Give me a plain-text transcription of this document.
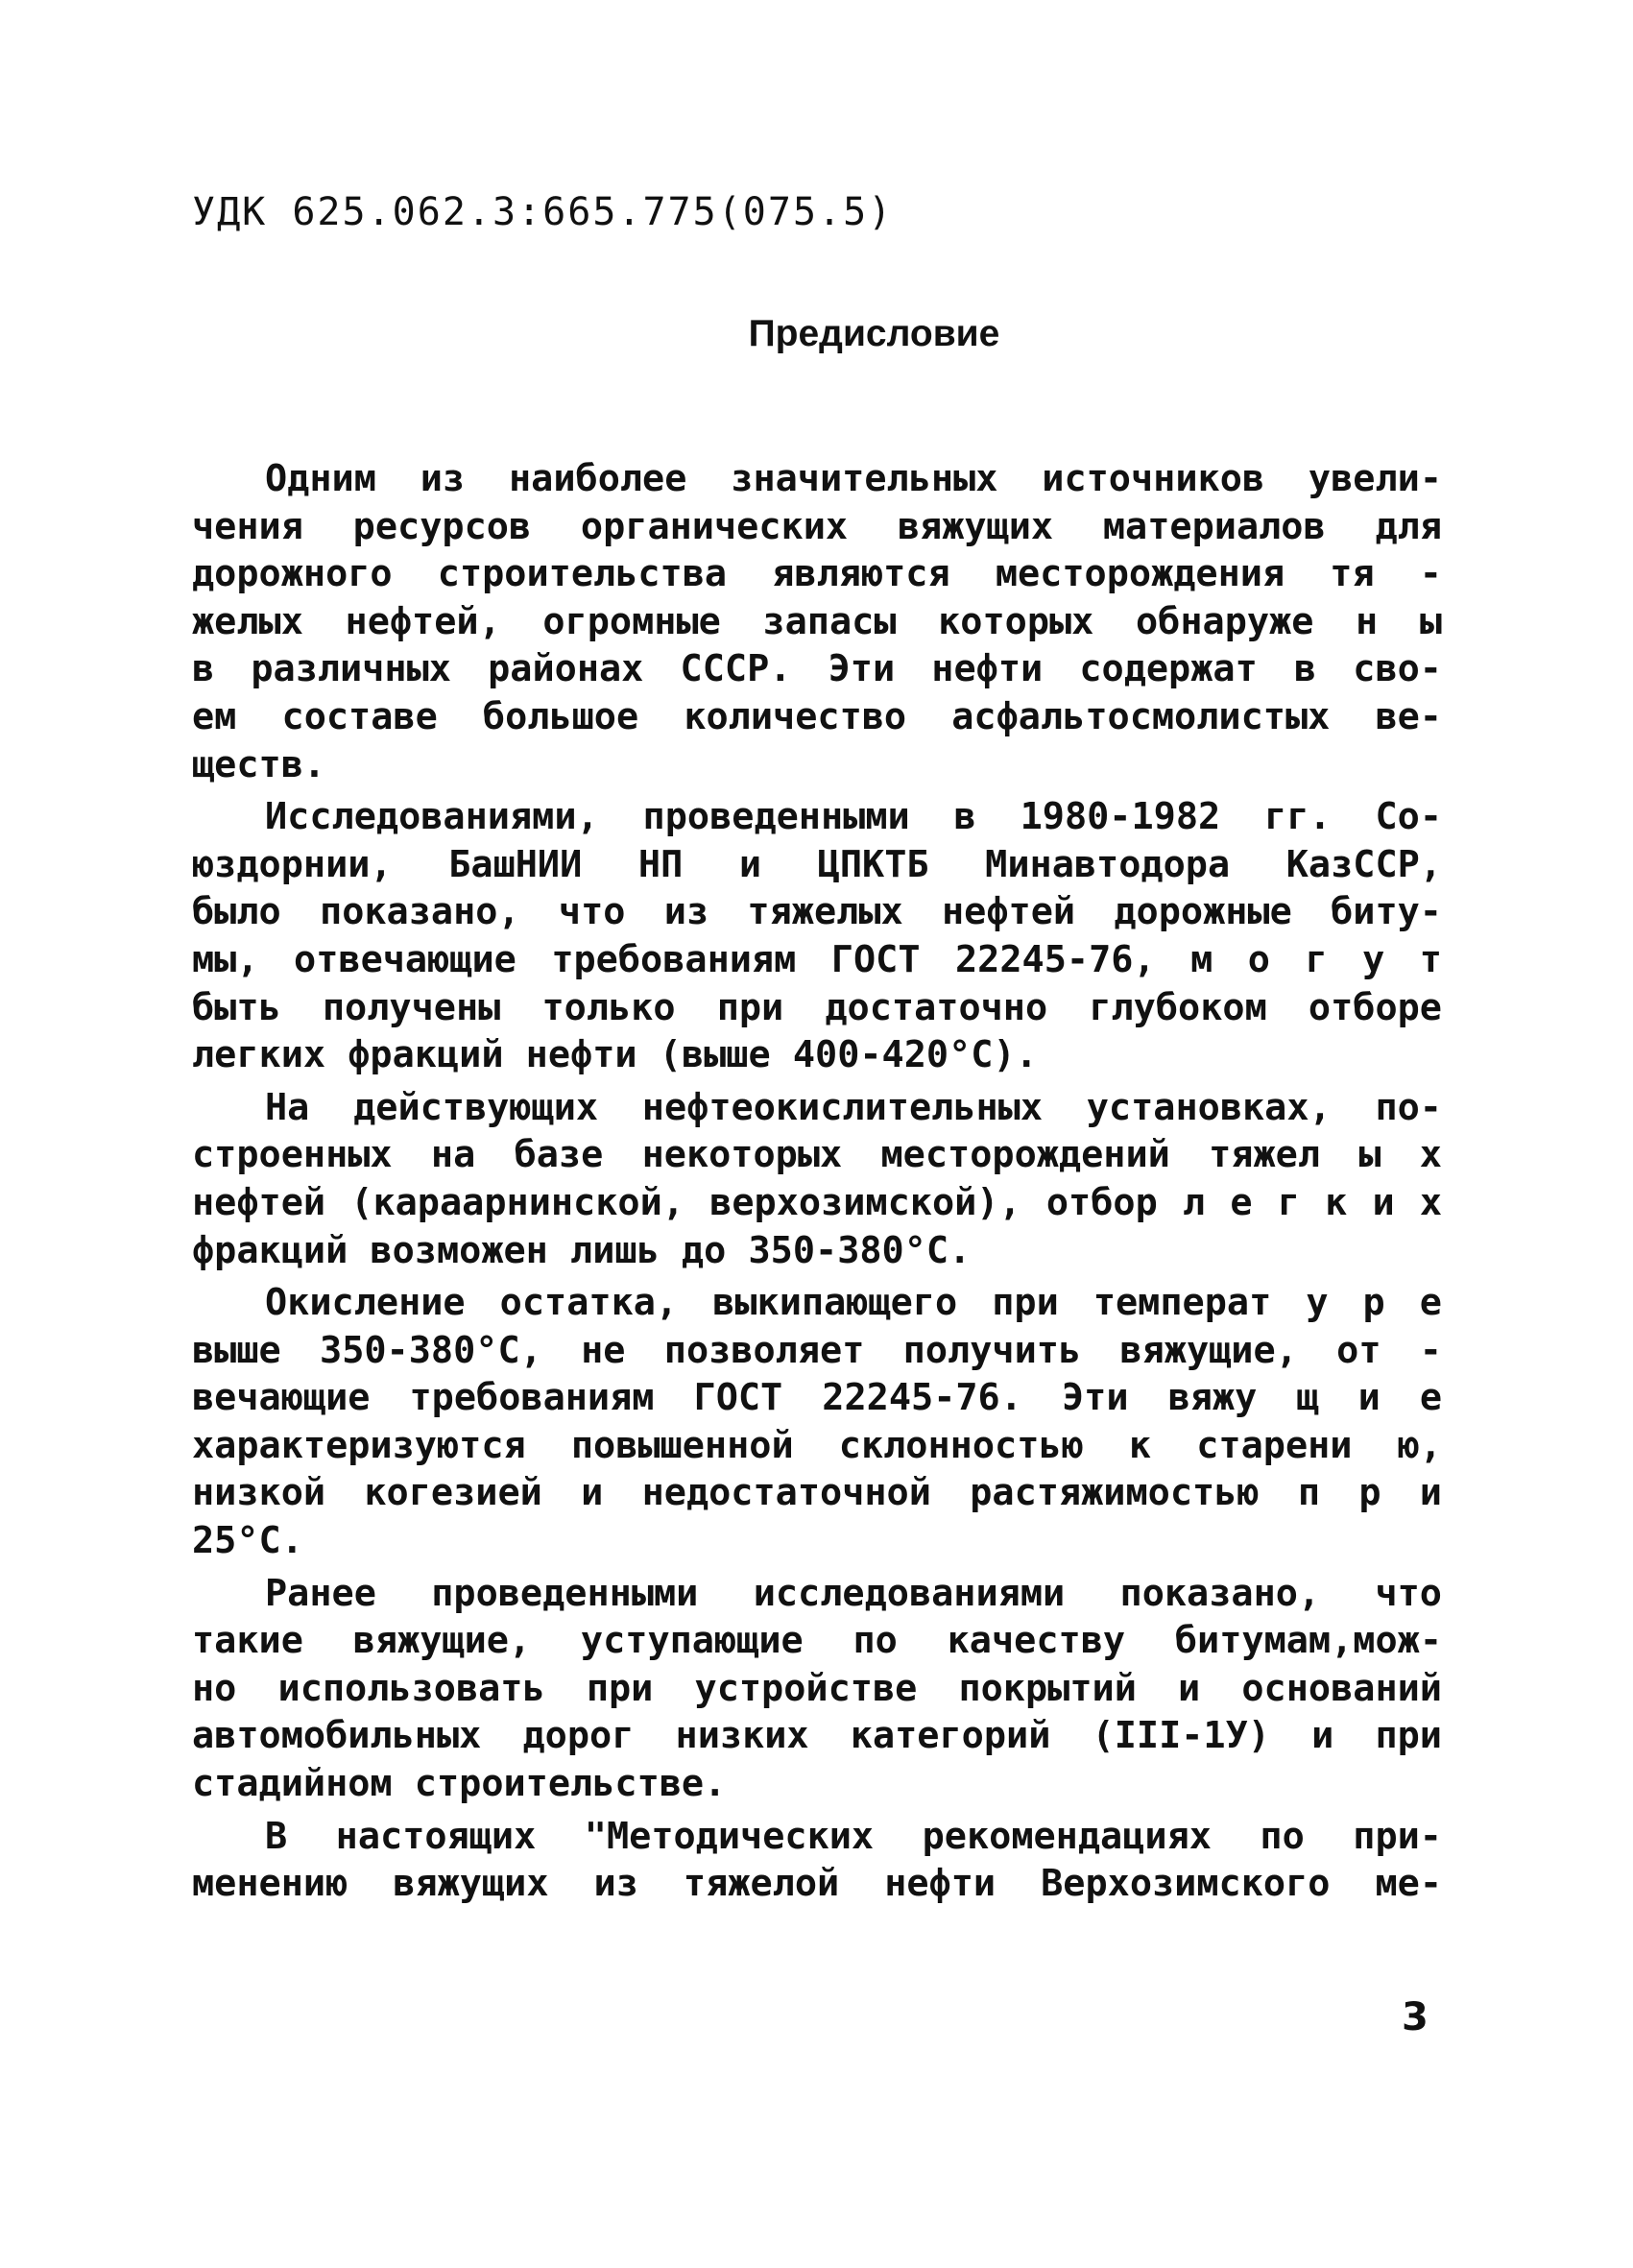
УДК 625.062.3:665.775(075.5)
Предисловие
Одним из наиболее значительных источников увели-
чения ресурсов органических вяжущих материалов для
дорожного строительства являются месторождения тя -
желых нефтей, огромные запасы которых обнаруже н ы
в различных районах СССР. Эти нефти содержат в сво-
ем составе большое количество асфальтосмолистых ве-
ществ.
Исследованиями, проведенными в 1980-1982 гг. Со-
юздорнии, БашНИИ НП и ЦПКТБ Минавтодора КазССР,
было показано, что из тяжелых нефтей дорожные биту-
мы, отвечающие требованиям ГОСТ 22245-76, м о г у т
быть получены только при достаточно глубоком отборе
легких фракций нефти (выше 400-420°С).
На действующих нефтеокислительных установках, по-
строенных на базе некоторых месторождений тяжел ы х
нефтей (караарнинской, верхозимской), отбор л е г к и х
фракций возможен лишь до 350-380°С.
Окисление остатка, выкипающего при температ у р е
выше 350-380°С, не позволяет получить вяжущие, от -
вечающие требованиям ГОСТ 22245-76. Эти вяжу щ и е
характеризуются повышенной склонностью к старени ю,
низкой когезией и недостаточной растяжимостью п р и
25°С.
Ранее проведенными исследованиями показано, что
такие вяжущие, уступающие по качеству битумам,мож-
но использовать при устройстве покрытий и оснований
автомобильных дорог низких категорий (III-1У) и при
стадийном строительстве.
В настоящих "Методических рекомендациях по при-
менению вяжущих из тяжелой нефти Верхозимского ме-
3
